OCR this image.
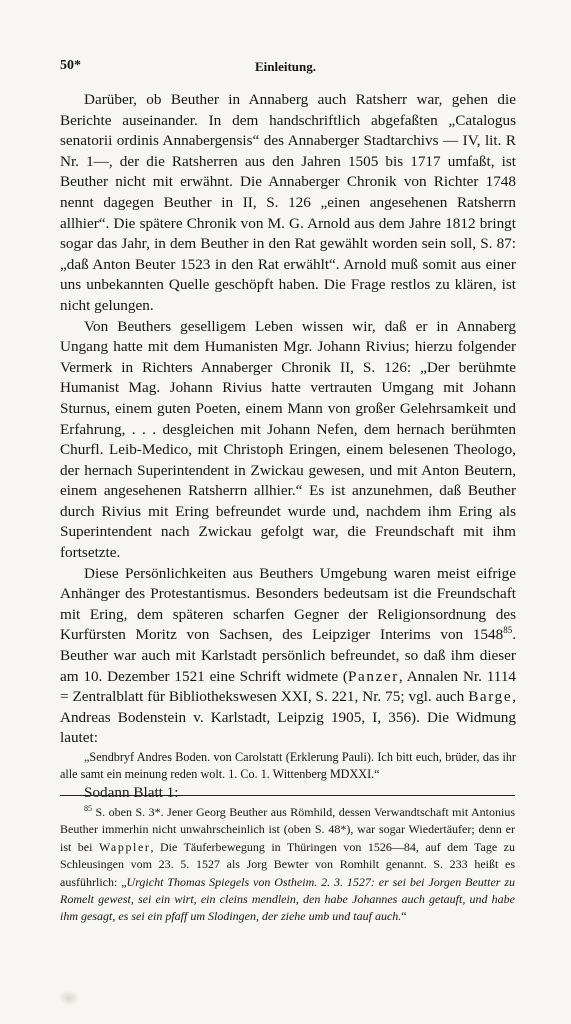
50*	Einleitung.

Darüber, ob Beuther in Annaberg auch Ratsherr war, gehen die Berichte auseinander. In dem handschriftlich abgefaßten „Catalogus senatorii ordinis Annabergensis“ des Annaberger Stadtarchivs — IV, lit. R Nr. 1—, der die Ratsherren aus den Jahren 1505 bis 1717 umfaßt, ist Beuther nicht mit erwähnt. Die Annaberger Chronik von Richter 1748 nennt dagegen Beuther in II, S. 126 „einen angesehenen Ratsherrn allhier“. Die spätere Chronik von M. G. Arnold aus dem Jahre 1812 bringt sogar das Jahr, in dem Beuther in den Rat gewählt worden sein soll, S. 87: „daß Anton Beuter 1523 in den Rat erwählt“. Arnold muß somit aus einer uns unbekannten Quelle geschöpft haben. Die Frage restlos zu klären, ist nicht gelungen.

Von Beuthers geselligem Leben wissen wir, daß er in Annaberg Ungang hatte mit dem Humanisten Mgr. Johann Rivius; hierzu folgender Vermerk in Richters Annaberger Chronik II, S. 126: „Der berühmte Humanist Mag. Johann Rivius hatte vertrauten Umgang mit Johann Sturnus, einem guten Poeten, einem Mann von großer Gelehrsamkeit und Erfahrung, . . . desgleichen mit Johann Nefen, dem hernach berühmten Churfl. Leib-Medico, mit Christoph Eringen, einem belesenen Theologo, der hernach Superintendent in Zwickau gewesen, und mit Anton Beutern, einem angesehenen Ratsherrn allhier.“ Es ist anzunehmen, daß Beuther durch Rivius mit Ering befreundet wurde und, nachdem ihm Ering als Superintendent nach Zwickau gefolgt war, die Freundschaft mit ihm fortsetzte.

Diese Persönlichkeiten aus Beuthers Umgebung waren meist eifrige Anhänger des Protestantismus. Besonders bedeutsam ist die Freundschaft mit Ering, dem späteren scharfen Gegner der Religionsordnung des Kurfürsten Moritz von Sachsen, des Leipziger Interims von 1548$^{85}$. Beuther war auch mit Karlstadt persönlich befreundet, so daß ihm dieser am 10. Dezember 1521 eine Schrift widmete (Panzer, Annalen Nr. 1114 = Zentralblatt für Bibliothekswesen XXI, S. 221, Nr. 75; vgl. auch Barge, Andreas Bodenstein v. Karlstadt, Leipzig 1905, I, 356). Die Widmung lautet:

„Sendbryf Andres Boden. von Carolstatt (Erklerung Pauli). Ich bitt euch, brüder, das ihr alle samt ein meinung reden wolt. 1. Co. 1. Wittenberg MDXXI.“

Sodann Blatt 1:

$^{85}$ S. oben S. 3*. Jener Georg Beuther aus Römhild, dessen Verwandtschaft mit Antonius Beuther immerhin nicht unwahrscheinlich ist (oben S. 48*), war sogar Wiedertäufer; denn er ist bei Wappler, Die Täuferbewegung in Thüringen von 1526—84, auf dem Tage zu Schleusingen vom 23. 5. 1527 als Jorg Bewter von Romhilt genannt. S. 233 heißt es ausführlich: „Urgicht Thomas Spiegels von Ostheim. 2. 3. 1527: er sei bei Jorgen Beutter zu Romelt gewest, sei ein wirt, ein cleins mendlein, den habe Johannes auch getauft, und habe ihm gesagt, es sei ein pfaff um Slodingen, der ziehe umb und tauf auch.“
